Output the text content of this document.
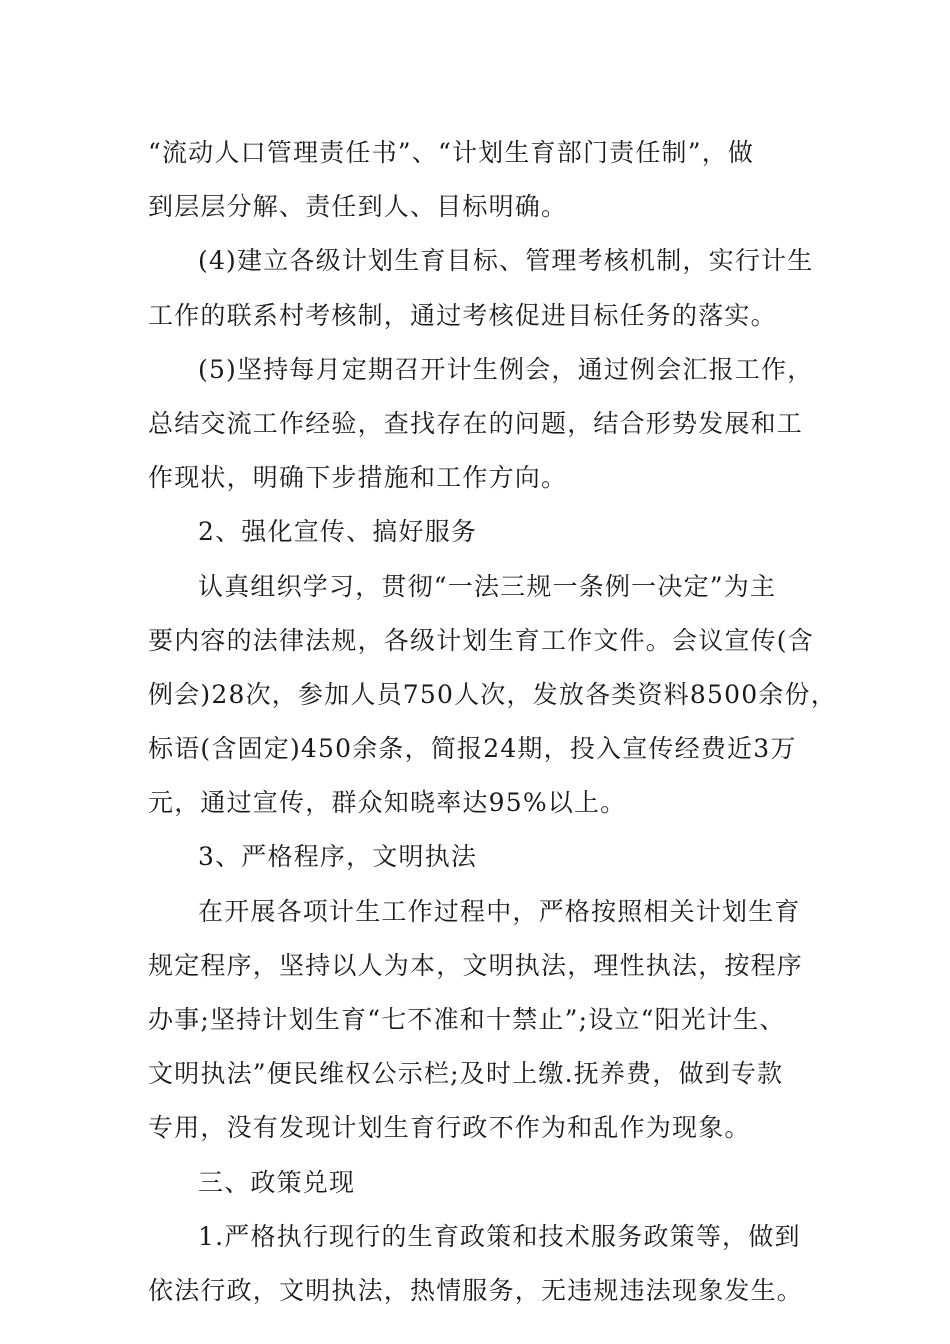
“流动人口管理责任书”、“计划生育部门责任制”，做
到层层分解、责任到人、目标明确。
(4)建立各级计划生育目标、管理考核机制，实行计生
工作的联系村考核制，通过考核促进目标任务的落实。
(5)坚持每月定期召开计生例会，通过例会汇报工作，
总结交流工作经验，查找存在的问题，结合形势发展和工
作现状，明确下步措施和工作方向。
2、强化宣传、搞好服务
认真组织学习，贯彻“一法三规一条例一决定”为主
要内容的法律法规，各级计划生育工作文件。会议宣传(含
例会)28次，参加人员750人次，发放各类资料8500余份，
标语(含固定)450余条，简报24期，投入宣传经费近3万
元，通过宣传，群众知晓率达95%以上。
3、严格程序，文明执法
在开展各项计生工作过程中，严格按照相关计划生育
规定程序，坚持以人为本，文明执法，理性执法，按程序
办事;坚持计划生育“七不准和十禁止”;设立“阳光计生、
文明执法”便民维权公示栏;及时上缴.抚养费，做到专款
专用，没有发现计划生育行政不作为和乱作为现象。
三、政策兑现
1.严格执行现行的生育政策和技术服务政策等，做到
依法行政，文明执法，热情服务，无违规违法现象发生。
